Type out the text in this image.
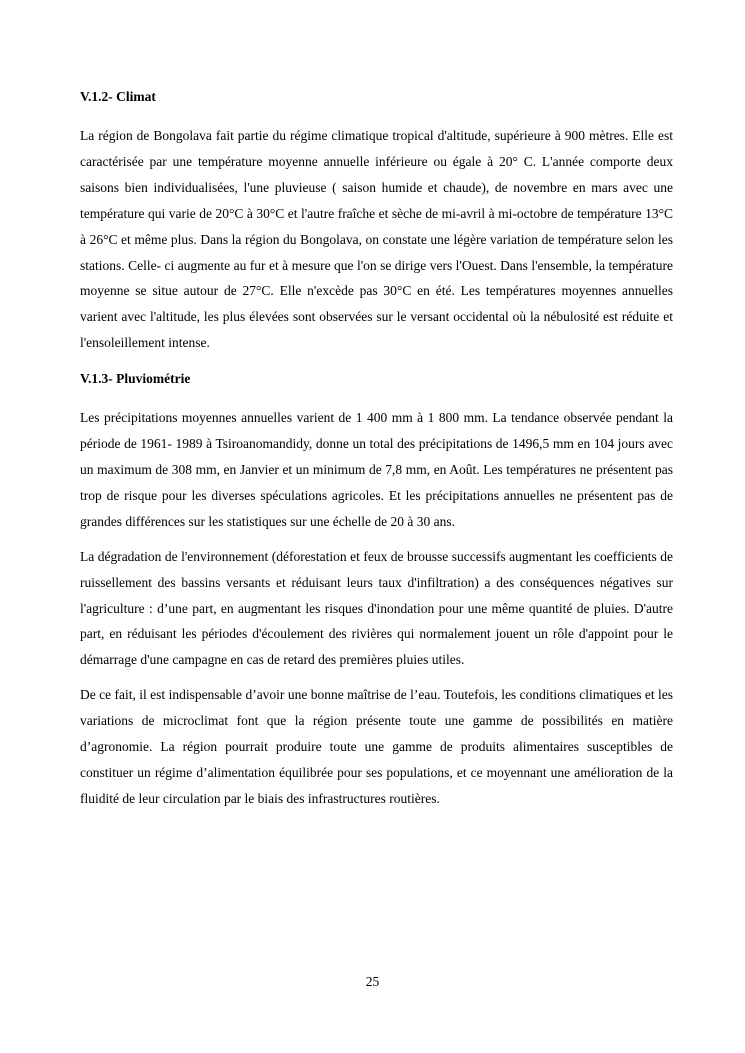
V.1.2- Climat

La région de Bongolava fait partie du régime climatique tropical d'altitude, supérieure à 900 mètres. Elle est caractérisée par une température moyenne annuelle inférieure ou égale à 20° C. L'année comporte deux saisons bien individualisées, l'une pluvieuse ( saison humide et chaude), de novembre en mars avec une température qui varie de 20°C à 30°C et l'autre fraîche et sèche de mi-avril à mi-octobre de température 13°C à 26°C et même plus. Dans la région du Bongolava, on constate une légère variation de température selon les stations. Celle- ci augmente au fur et à mesure que l'on se dirige vers l'Ouest. Dans l'ensemble, la température moyenne se situe autour de 27°C. Elle n'excède pas 30°C en été. Les températures moyennes annuelles varient avec l'altitude, les plus élevées sont observées sur le versant occidental où la nébulosité est réduite et l'ensoleillement intense.

V.1.3- Pluviométrie

Les précipitations moyennes annuelles varient de 1 400 mm à 1 800 mm. La tendance observée pendant la période de 1961- 1989 à Tsiroanomandidy, donne un total des précipitations de 1496,5 mm en 104 jours avec un maximum de 308 mm, en Janvier et un minimum de 7,8 mm, en Août. Les températures ne présentent pas trop de risque pour les diverses spéculations agricoles. Et les précipitations annuelles ne présentent pas de grandes différences sur les statistiques sur une échelle de 20 à 30 ans.

La dégradation de l'environnement (déforestation et feux de brousse successifs augmentant les coefficients de ruissellement des bassins versants et réduisant leurs taux d'infiltration) a des conséquences négatives sur l'agriculture : d’une part, en augmentant les risques d'inondation pour une même quantité de pluies. D'autre part, en réduisant les périodes d'écoulement des rivières qui normalement jouent un rôle d'appoint pour le démarrage d'une campagne en cas de retard des premières pluies utiles.

De ce fait, il est indispensable d’avoir une bonne maîtrise de l’eau. Toutefois, les conditions climatiques et les variations de microclimat font que la région présente toute une gamme de possibilités en matière d’agronomie. La région pourrait produire toute une gamme de produits alimentaires susceptibles de constituer un régime d’alimentation équilibrée pour ses populations, et ce moyennant une amélioration de la fluidité de leur circulation par le biais des infrastructures routières.

25
